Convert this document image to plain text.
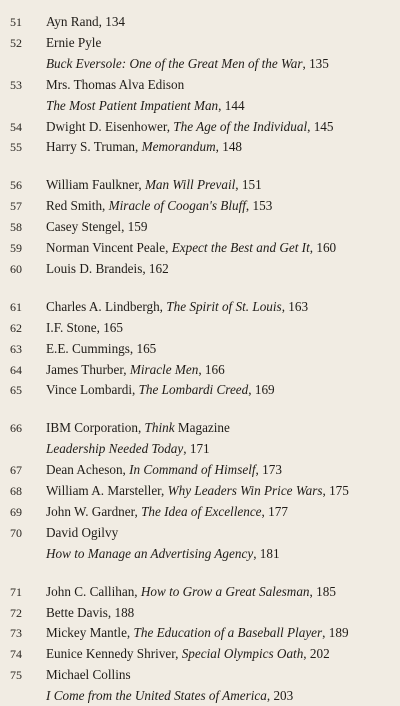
51	Ayn Rand, 134
52	Ernie Pyle
Buck Eversole: One of the Great Men of the War, 135
53	Mrs. Thomas Alva Edison
The Most Patient Impatient Man, 144
54	Dwight D. Eisenhower, The Age of the Individual, 145
55	Harry S. Truman, Memorandum, 148
56	William Faulkner, Man Will Prevail, 151
57	Red Smith, Miracle of Coogan's Bluff, 153
58	Casey Stengel, 159
59	Norman Vincent Peale, Expect the Best and Get It, 160
60	Louis D. Brandeis, 162
61	Charles A. Lindbergh, The Spirit of St. Louis, 163
62	I.F. Stone, 165
63	E.E. Cummings, 165
64	James Thurber, Miracle Men, 166
65	Vince Lombardi, The Lombardi Creed, 169
66	IBM Corporation, Think Magazine
Leadership Needed Today, 171
67	Dean Acheson, In Command of Himself, 173
68	William A. Marsteller, Why Leaders Win Price Wars, 175
69	John W. Gardner, The Idea of Excellence, 177
70	David Ogilvy
How to Manage an Advertising Agency, 181
71	John C. Callihan, How to Grow a Great Salesman, 185
72	Bette Davis, 188
73	Mickey Mantle, The Education of a Baseball Player, 189
74	Eunice Kennedy Shriver, Special Olympics Oath, 202
75	Michael Collins
I Come from the United States of America, 203
